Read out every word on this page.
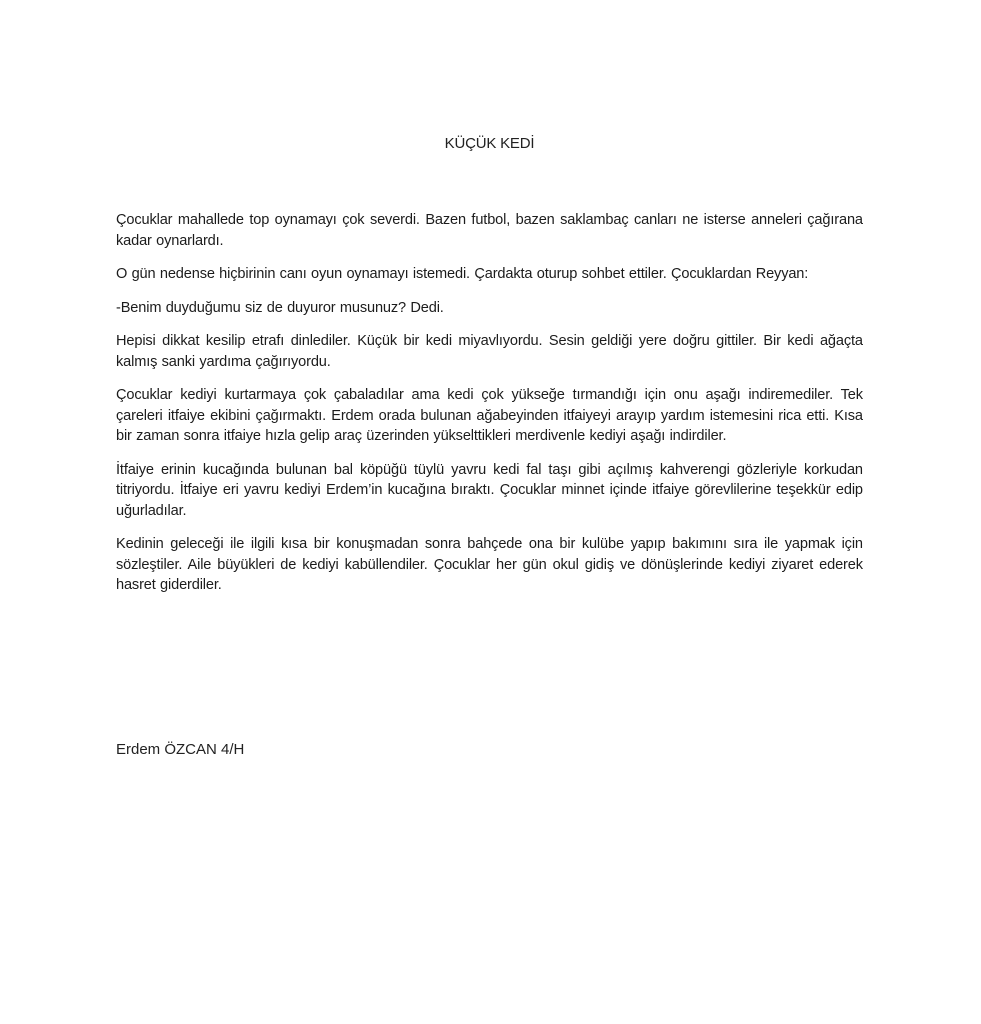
KÜÇÜK KEDİ

Çocuklar mahallede top oynamayı çok severdi. Bazen futbol, bazen saklambaç canları ne isterse anneleri çağırana kadar oynarlardı.

O gün nedense hiçbirinin canı oyun oynamayı istemedi. Çardakta oturup sohbet ettiler. Çocuklardan Reyyan:

-Benim duyduğumu siz de duyuror musunuz? Dedi.

Hepisi dikkat kesilip etrafı dinlediler. Küçük bir kedi miyavlıyordu. Sesin geldiği yere doğru gittiler. Bir kedi ağaçta kalmış sanki yardıma çağırıyordu.

Çocuklar kediyi kurtarmaya çok çabaladılar ama kedi çok yükseğe tırmandığı için onu aşağı indiremediler. Tek çareleri itfaiye ekibini çağırmaktı. Erdem orada bulunan ağabeyinden itfaiyeyi arayıp yardım istemesini rica etti. Kısa bir zaman sonra itfaiye hızla gelip araç üzerinden yükselttikleri merdivenle kediyi aşağı indirdiler.

İtfaiye erinin kucağında bulunan bal köpüğü tüylü yavru kedi fal taşı gibi açılmış kahverengi gözleriyle korkudan titriyordu. İtfaiye eri yavru kediyi Erdem’in kucağına bıraktı. Çocuklar minnet içinde itfaiye görevlilerine teşekkür edip uğurladılar.

Kedinin geleceği ile ilgili kısa bir konuşmadan sonra bahçede ona bir kulübe yapıp bakımını sıra ile yapmak için sözleştiler. Aile büyükleri de kediyi kabüllendiler. Çocuklar her gün okul gidiş ve dönüşlerinde kediyi ziyaret ederek hasret giderdiler.

Erdem ÖZCAN 4/H
